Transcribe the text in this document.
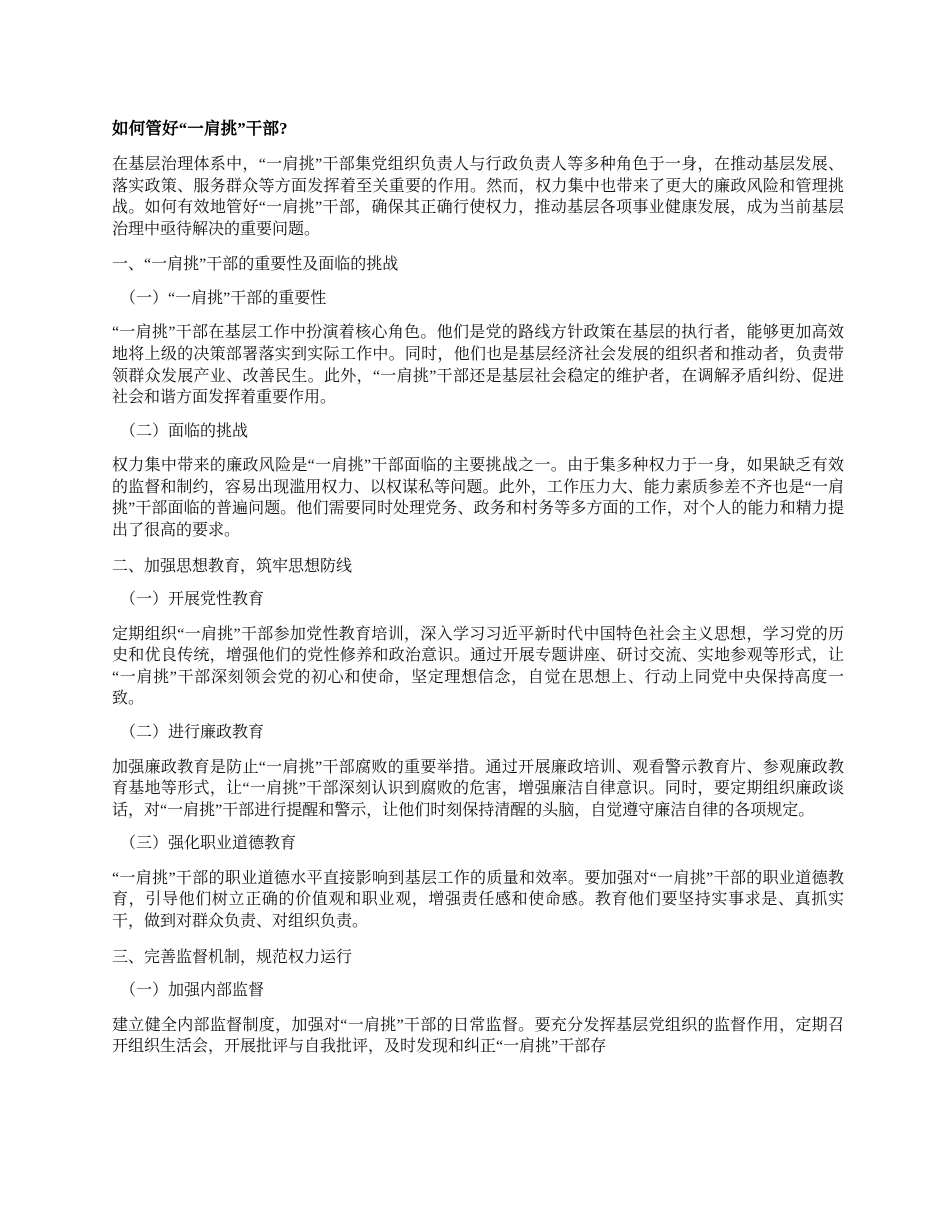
如何管好“一肩挑”干部?

在基层治理体系中，“一肩挑”干部集党组织负责人与行政负责人等多种角色于一身，在推动基层发展、落实政策、服务群众等方面发挥着至关重要的作用。然而，权力集中也带来了更大的廉政风险和管理挑战。如何有效地管好“一肩挑”干部，确保其正确行使权力，推动基层各项事业健康发展，成为当前基层治理中亟待解决的重要问题。

一、“一肩挑”干部的重要性及面临的挑战

（一）“一肩挑”干部的重要性

“一肩挑”干部在基层工作中扮演着核心角色。他们是党的路线方针政策在基层的执行者，能够更加高效地将上级的决策部署落实到实际工作中。同时，他们也是基层经济社会发展的组织者和推动者，负责带领群众发展产业、改善民生。此外，“一肩挑”干部还是基层社会稳定的维护者，在调解矛盾纠纷、促进社会和谐方面发挥着重要作用。

（二）面临的挑战

权力集中带来的廉政风险是“一肩挑”干部面临的主要挑战之一。由于集多种权力于一身，如果缺乏有效的监督和制约，容易出现滥用权力、以权谋私等问题。此外，工作压力大、能力素质参差不齐也是“一肩挑”干部面临的普遍问题。他们需要同时处理党务、政务和村务等多方面的工作，对个人的能力和精力提出了很高的要求。

二、加强思想教育，筑牢思想防线

（一）开展党性教育

定期组织“一肩挑”干部参加党性教育培训，深入学习习近平新时代中国特色社会主义思想，学习党的历史和优良传统，增强他们的党性修养和政治意识。通过开展专题讲座、研讨交流、实地参观等形式，让“一肩挑”干部深刻领会党的初心和使命，坚定理想信念，自觉在思想上、行动上同党中央保持高度一致。

（二）进行廉政教育

加强廉政教育是防止“一肩挑”干部腐败的重要举措。通过开展廉政培训、观看警示教育片、参观廉政教育基地等形式，让“一肩挑”干部深刻认识到腐败的危害，增强廉洁自律意识。同时，要定期组织廉政谈话，对“一肩挑”干部进行提醒和警示，让他们时刻保持清醒的头脑，自觉遵守廉洁自律的各项规定。

（三）强化职业道德教育

“一肩挑”干部的职业道德水平直接影响到基层工作的质量和效率。要加强对“一肩挑”干部的职业道德教育，引导他们树立正确的价值观和职业观，增强责任感和使命感。教育他们要坚持实事求是、真抓实干，做到对群众负责、对组织负责。

三、完善监督机制，规范权力运行

（一）加强内部监督

建立健全内部监督制度，加强对“一肩挑”干部的日常监督。要充分发挥基层党组织的监督作用，定期召开组织生活会，开展批评与自我批评，及时发现和纠正“一肩挑”干部存
